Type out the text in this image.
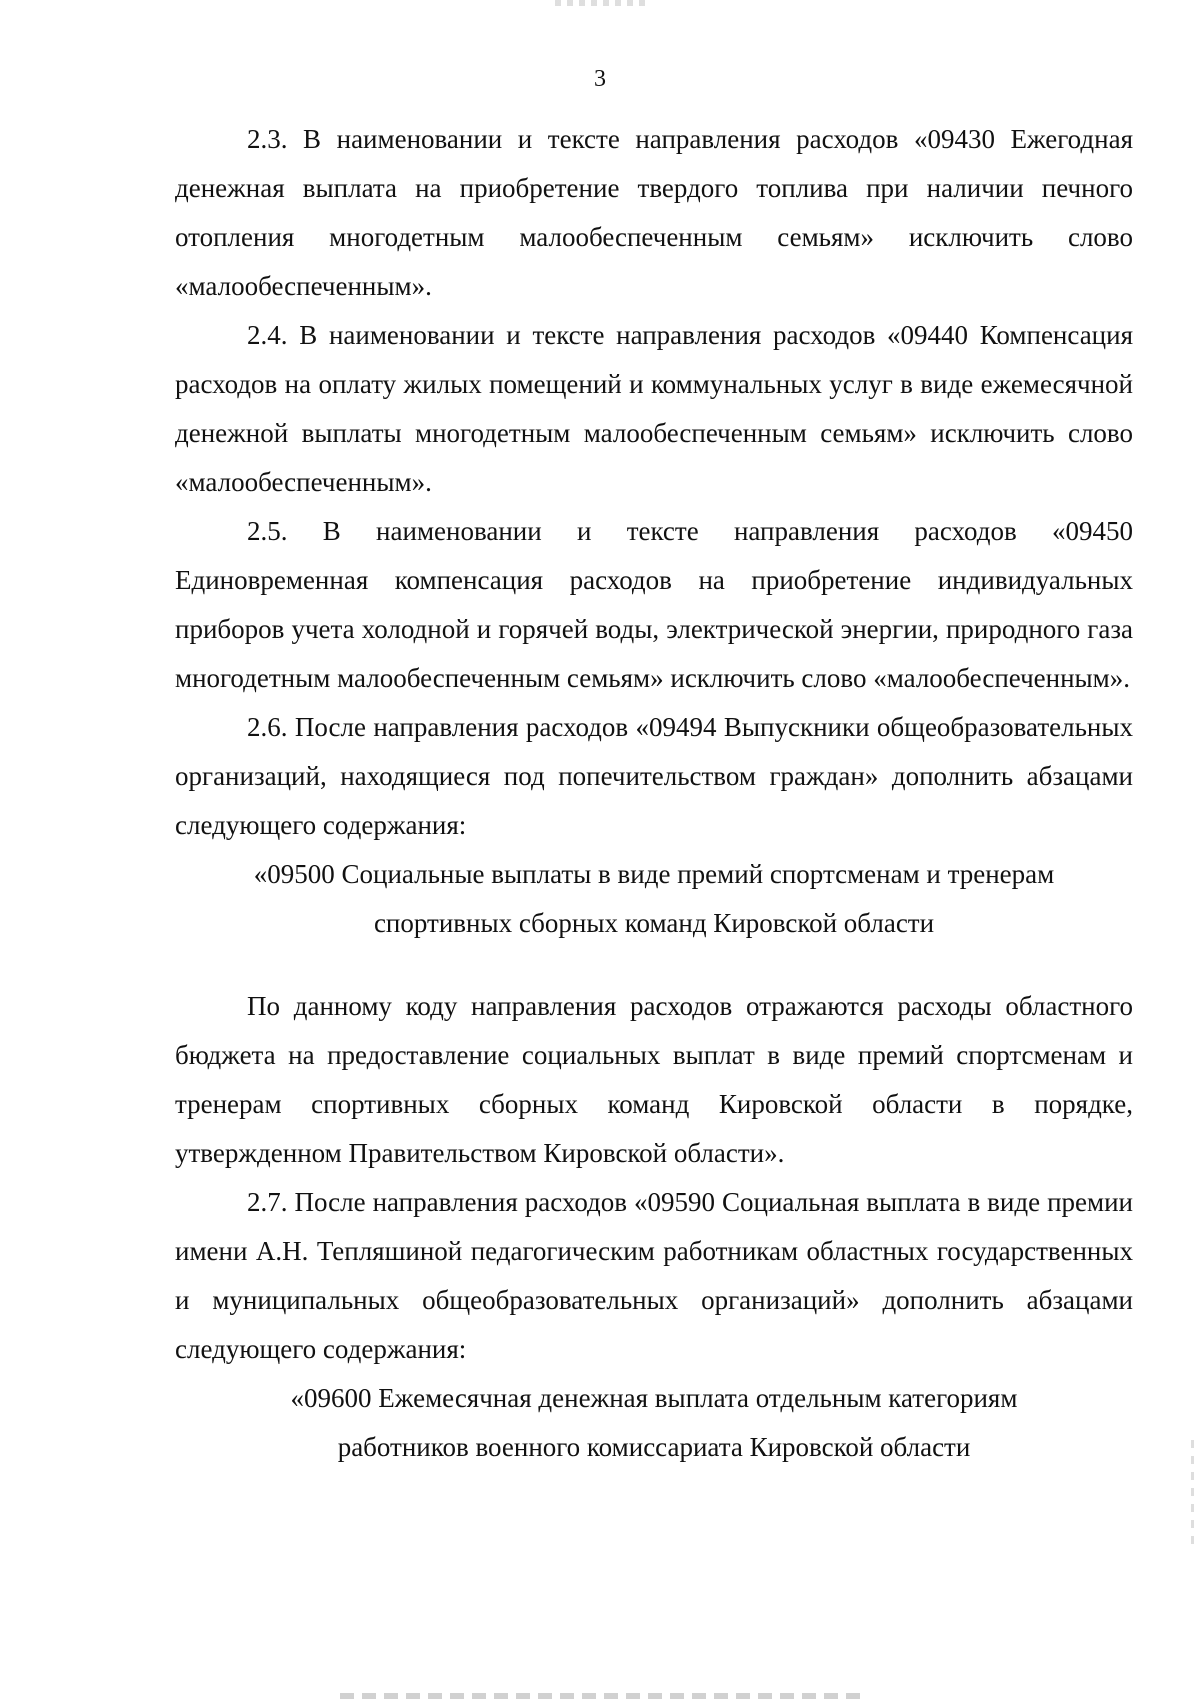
3

2.3. В наименовании и тексте направления расходов «09430 Ежегодная денежная выплата на приобретение твердого топлива при наличии печного отопления многодетным малообеспеченным семьям» исключить слово «малообеспеченным».

2.4. В наименовании и тексте направления расходов «09440 Компенсация расходов на оплату жилых помещений и коммунальных услуг в виде ежемесячной денежной выплаты многодетным малообеспеченным семьям» исключить слово «малообеспеченным».

2.5. В наименовании и тексте направления расходов «09450 Единовременная компенсация расходов на приобретение индивидуальных приборов учета холодной и горячей воды, электрической энергии, природного газа многодетным малообеспеченным семьям» исключить слово «малообеспеченным».

2.6. После направления расходов «09494 Выпускники общеобразовательных организаций, находящиеся под попечительством граждан» дополнить абзацами следующего содержания:

«09500 Социальные выплаты в виде премий спортсменам и тренерам

спортивных сборных команд Кировской области

По данному коду направления расходов отражаются расходы областного бюджета на предоставление социальных выплат в виде премий спортсменам и тренерам спортивных сборных команд Кировской области в порядке, утвержденном Правительством Кировской области».

2.7. После направления расходов «09590 Социальная выплата в виде премии имени А.Н. Тепляшиной педагогическим работникам областных государственных и муниципальных общеобразовательных организаций» дополнить абзацами следующего содержания:

«09600 Ежемесячная денежная выплата отдельным категориям

работников военного комиссариата Кировской области
